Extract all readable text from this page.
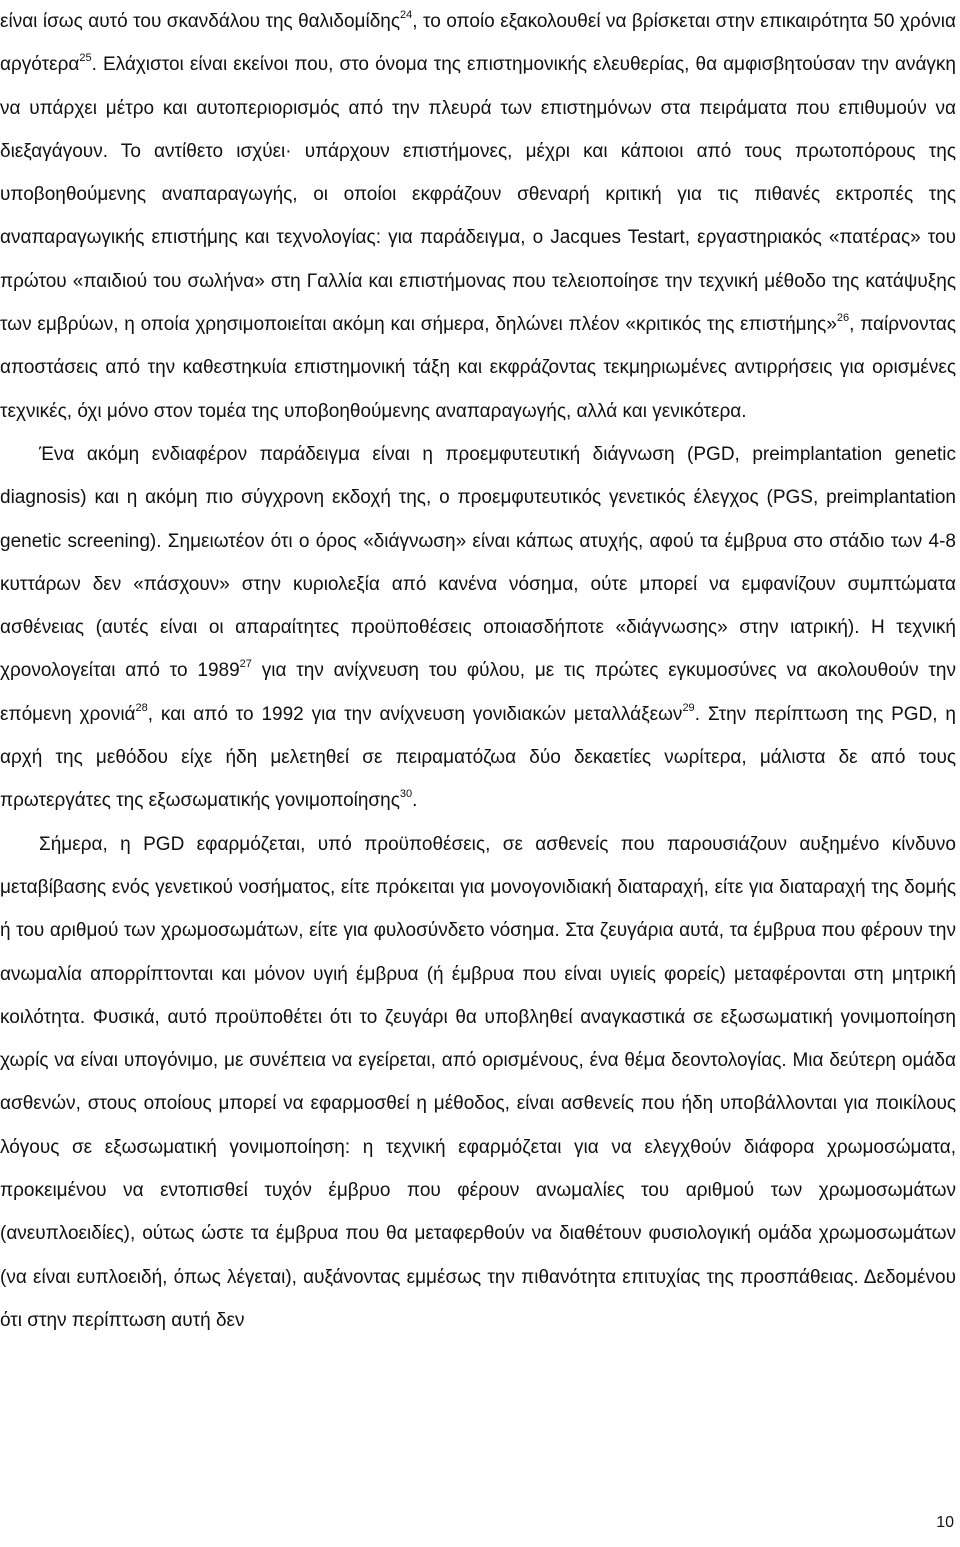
είναι ίσως αυτό του σκανδάλου της θαλιδομίδης$^{24}$, το οποίο εξακολουθεί να βρίσκεται στην επικαιρότητα 50 χρόνια αργότερα$^{25}$. Ελάχιστοι είναι εκείνοι που, στο όνομα της επιστημονικής ελευθερίας, θα αμφισβητούσαν την ανάγκη να υπάρχει μέτρο και αυτοπεριορισμός από την πλευρά των επιστημόνων στα πειράματα που επιθυμούν να διεξαγάγουν. Το αντίθετο ισχύει· υπάρχουν επιστήμονες, μέχρι και κάποιοι από τους πρωτοπόρους της υποβοηθούμενης αναπαραγωγής, οι οποίοι εκφράζουν σθεναρή κριτική για τις πιθανές εκτροπές της αναπαραγωγικής επιστήμης και τεχνολογίας: για παράδειγμα, ο Jacques Testart, εργαστηριακός «πατέρας» του πρώτου «παιδιού του σωλήνα» στη Γαλλία και επιστήμονας που τελειοποίησε την τεχνική μέθοδο της κατάψυξης των εμβρύων, η οποία χρησιμοποιείται ακόμη και σήμερα, δηλώνει πλέον «κριτικός της επιστήμης»$^{26}$, παίρνοντας αποστάσεις από την καθεστηκυία επιστημονική τάξη και εκφράζοντας τεκμηριωμένες αντιρρήσεις για ορισμένες τεχνικές, όχι μόνο στον τομέα της υποβοηθούμενης αναπαραγωγής, αλλά και γενικότερα.

Ένα ακόμη ενδιαφέρον παράδειγμα είναι η προεμφυτευτική διάγνωση (PGD, preimplantation genetic diagnosis) και η ακόμη πιο σύγχρονη εκδοχή της, ο προεμφυτευτικός γενετικός έλεγχος (PGS, preimplantation genetic screening). Σημειωτέον ότι ο όρος «διάγνωση» είναι κάπως ατυχής, αφού τα έμβρυα στο στάδιο των 4-8 κυττάρων δεν «πάσχουν» στην κυριολεξία από κανένα νόσημα, ούτε μπορεί να εμφανίζουν συμπτώματα ασθένειας (αυτές είναι οι απαραίτητες προϋποθέσεις οποιασδήποτε «διάγνωσης» στην ιατρική). Η τεχνική χρονολογείται από το 1989$^{27}$ για την ανίχνευση του φύλου, με τις πρώτες εγκυμοσύνες να ακολουθούν την επόμενη χρονιά$^{28}$, και από το 1992 για την ανίχνευση γονιδιακών μεταλλάξεων$^{29}$. Στην περίπτωση της PGD, η αρχή της μεθόδου είχε ήδη μελετηθεί σε πειραματόζωα δύο δεκαετίες νωρίτερα, μάλιστα δε από τους πρωτεργάτες της εξωσωματικής γονιμοποίησης$^{30}$.

Σήμερα, η PGD εφαρμόζεται, υπό προϋποθέσεις, σε ασθενείς που παρουσιάζουν αυξημένο κίνδυνο μεταβίβασης ενός γενετικού νοσήματος, είτε πρόκειται για μονογονιδιακή διαταραχή, είτε για διαταραχή της δομής ή του αριθμού των χρωμοσωμάτων, είτε για φυλοσύνδετο νόσημα. Στα ζευγάρια αυτά, τα έμβρυα που φέρουν την ανωμαλία απορρίπτονται και μόνον υγιή έμβρυα (ή έμβρυα που είναι υγιείς φορείς) μεταφέρονται στη μητρική κοιλότητα. Φυσικά, αυτό προϋποθέτει ότι το ζευγάρι θα υποβληθεί αναγκαστικά σε εξωσωματική γονιμοποίηση χωρίς να είναι υπογόνιμο, με συνέπεια να εγείρεται, από ορισμένους, ένα θέμα δεοντολογίας. Μια δεύτερη ομάδα ασθενών, στους οποίους μπορεί να εφαρμοσθεί η μέθοδος, είναι ασθενείς που ήδη υποβάλλονται για ποικίλους λόγους σε εξωσωματική γονιμοποίηση: η τεχνική εφαρμόζεται για να ελεγχθούν διάφορα χρωμοσώματα, προκειμένου να εντοπισθεί τυχόν έμβρυο που φέρουν ανωμαλίες του αριθμού των χρωμοσωμάτων (ανευπλοειδίες), ούτως ώστε τα έμβρυα που θα μεταφερθούν να διαθέτουν φυσιολογική ομάδα χρωμοσωμάτων (να είναι ευπλοειδή, όπως λέγεται), αυξάνοντας εμμέσως την πιθανότητα επιτυχίας της προσπάθειας. Δεδομένου ότι στην περίπτωση αυτή δεν

10
